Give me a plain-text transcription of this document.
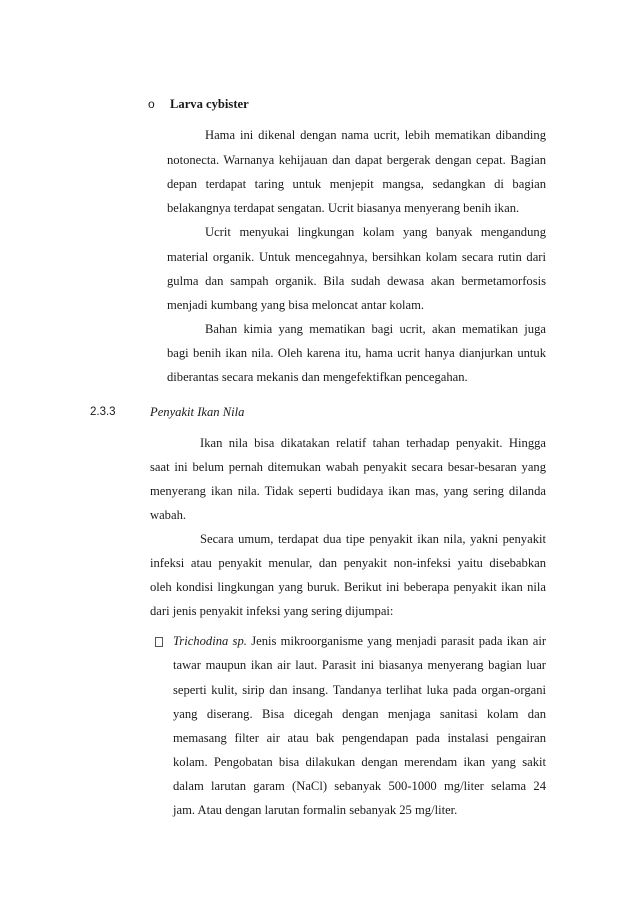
o Larva cybister
Hama ini dikenal dengan nama ucrit, lebih mematikan dibanding
notonecta. Warnanya kehijauan dan dapat bergerak dengan cepat. Bagian
depan terdapat taring untuk menjepit mangsa, sedangkan di bagian
belakangnya terdapat sengatan. Ucrit biasanya menyerang benih ikan.
Ucrit menyukai lingkungan kolam yang banyak mengandung
material organik. Untuk mencegahnya, bersihkan kolam secara rutin dari
gulma dan sampah organik. Bila sudah dewasa akan bermetamorfosis
menjadi kumbang yang bisa meloncat antar kolam.
Bahan kimia yang mematikan bagi ucrit, akan mematikan juga
bagi benih ikan nila. Oleh karena itu, hama ucrit hanya dianjurkan untuk
diberantas secara mekanis dan mengefektifkan pencegahan.
2.3.3	Penyakit Ikan Nila
Ikan nila bisa dikatakan relatif tahan terhadap penyakit. Hingga
saat ini belum pernah ditemukan wabah penyakit secara besar-besaran yang
menyerang ikan nila. Tidak seperti budidaya ikan mas, yang sering dilanda
wabah.
Secara umum, terdapat dua tipe penyakit ikan nila, yakni penyakit
infeksi atau penyakit menular, dan penyakit non-infeksi yaitu disebabkan
oleh kondisi lingkungan yang buruk. Berikut ini beberapa penyakit ikan nila
dari jenis penyakit infeksi yang sering dijumpai:
Trichodina sp. Jenis mikroorganisme yang menjadi parasit pada ikan air
tawar maupun ikan air laut. Parasit ini biasanya menyerang bagian luar
seperti kulit, sirip dan insang. Tandanya terlihat luka pada organ-organi
yang diserang. Bisa dicegah dengan menjaga sanitasi kolam dan
memasang filter air atau bak pengendapan pada instalasi pengairan
kolam. Pengobatan bisa dilakukan dengan merendam ikan yang sakit
dalam larutan garam (NaCl) sebanyak 500-1000 mg/liter selama 24
jam. Atau dengan larutan formalin sebanyak 25 mg/liter.
